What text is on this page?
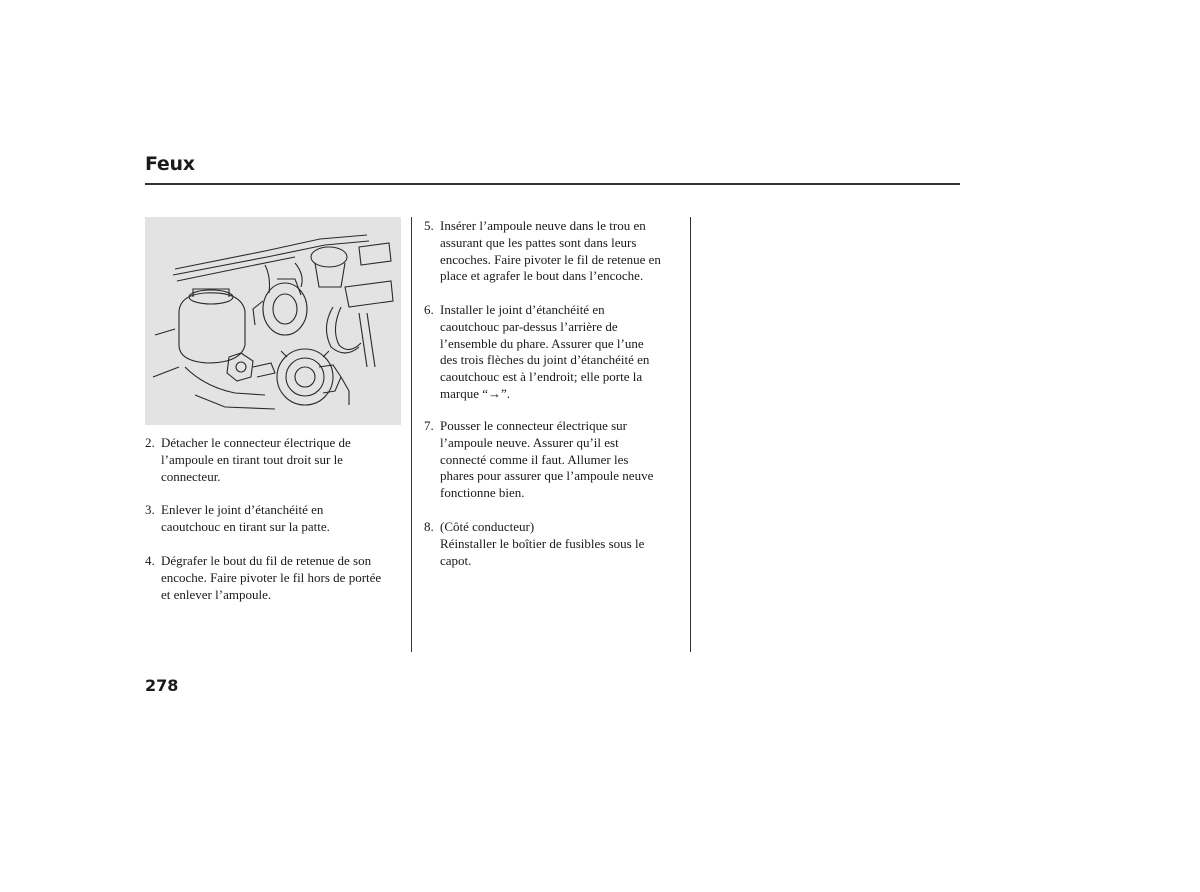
Feux
2. Détacher le connecteur électrique de
l’ampoule en tirant tout droit sur le
connecteur.
3. Enlever le joint d’étanchéité en
caoutchouc en tirant sur la patte.
4. Dégrafer le bout du fil de retenue de son
encoche. Faire pivoter le fil hors de portée
et enlever l’ampoule.
5. Insérer l’ampoule neuve dans le trou en
assurant que les pattes sont dans leurs
encoches. Faire pivoter le fil de retenue en
place et agrafer le bout dans l’encoche.
6. Installer le joint d’étanchéité en
caoutchouc par-dessus l’arrière de
l’ensemble du phare. Assurer que l’une
des trois flèches du joint d’étanchéité en
caoutchouc est à l’endroit; elle porte la
marque “→”.
7. Pousser le connecteur électrique sur
l’ampoule neuve. Assurer qu’il est
connecté comme il faut. Allumer les
phares pour assurer que l’ampoule neuve
fonctionne bien.
8. (Côté conducteur)
Réinstaller le boîtier de fusibles sous le
capot.
278
